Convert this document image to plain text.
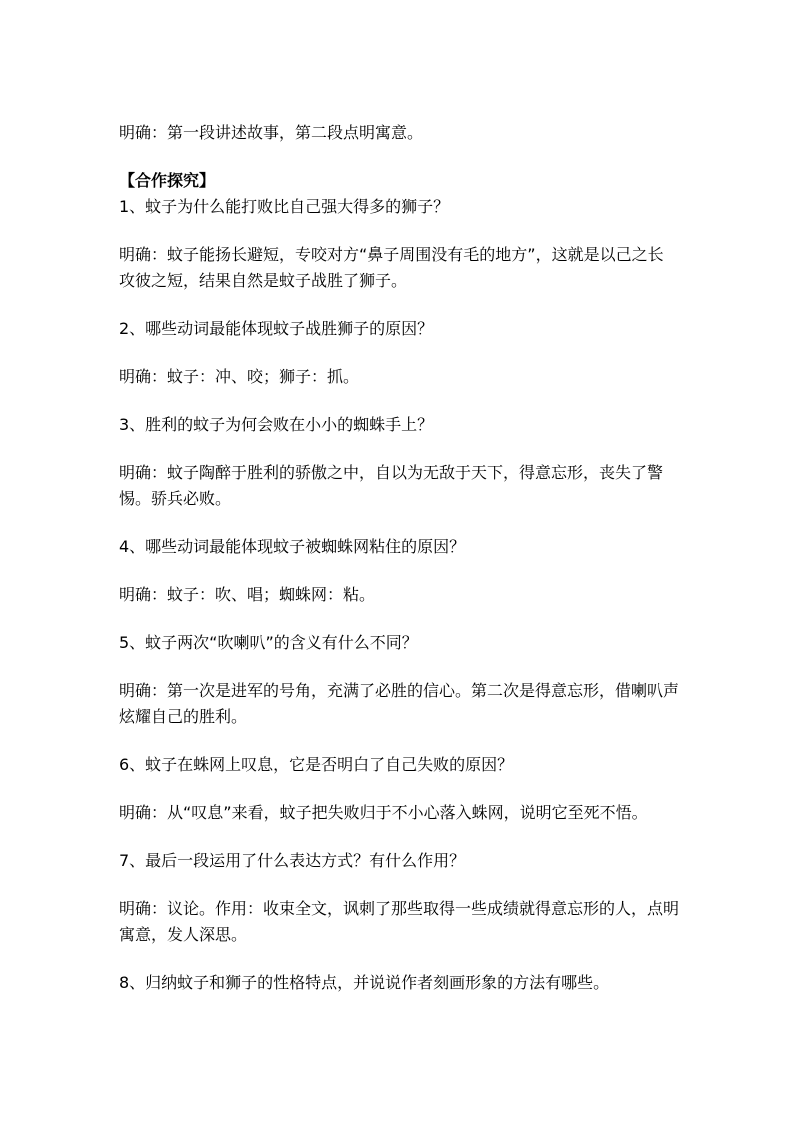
明确：第一段讲述故事，第二段点明寓意。

【合作探究】

1、蚊子为什么能打败比自己强大得多的狮子？

明确：蚊子能扬长避短，专咬对方“鼻子周围没有毛的地方”，这就是以己之长攻彼之短，结果自然是蚊子战胜了狮子。

2、哪些动词最能体现蚊子战胜狮子的原因？

明确：蚊子：冲、咬；狮子：抓。

3、胜利的蚊子为何会败在小小的蜘蛛手上？

明确：蚊子陶醉于胜利的骄傲之中，自以为无敌于天下，得意忘形，丧失了警惕。骄兵必败。

4、哪些动词最能体现蚊子被蜘蛛网粘住的原因？

明确：蚊子：吹、唱；蜘蛛网：粘。

5、蚊子两次“吹喇叭”的含义有什么不同？

明确：第一次是进军的号角，充满了必胜的信心。第二次是得意忘形，借喇叭声炫耀自己的胜利。

6、蚊子在蛛网上叹息，它是否明白了自己失败的原因？

明确：从“叹息”来看，蚊子把失败归于不小心落入蛛网，说明它至死不悟。

7、最后一段运用了什么表达方式？有什么作用？

明确：议论。作用：收束全文，讽刺了那些取得一些成绩就得意忘形的人，点明寓意，发人深思。

8、归纳蚊子和狮子的性格特点，并说说作者刻画形象的方法有哪些。
